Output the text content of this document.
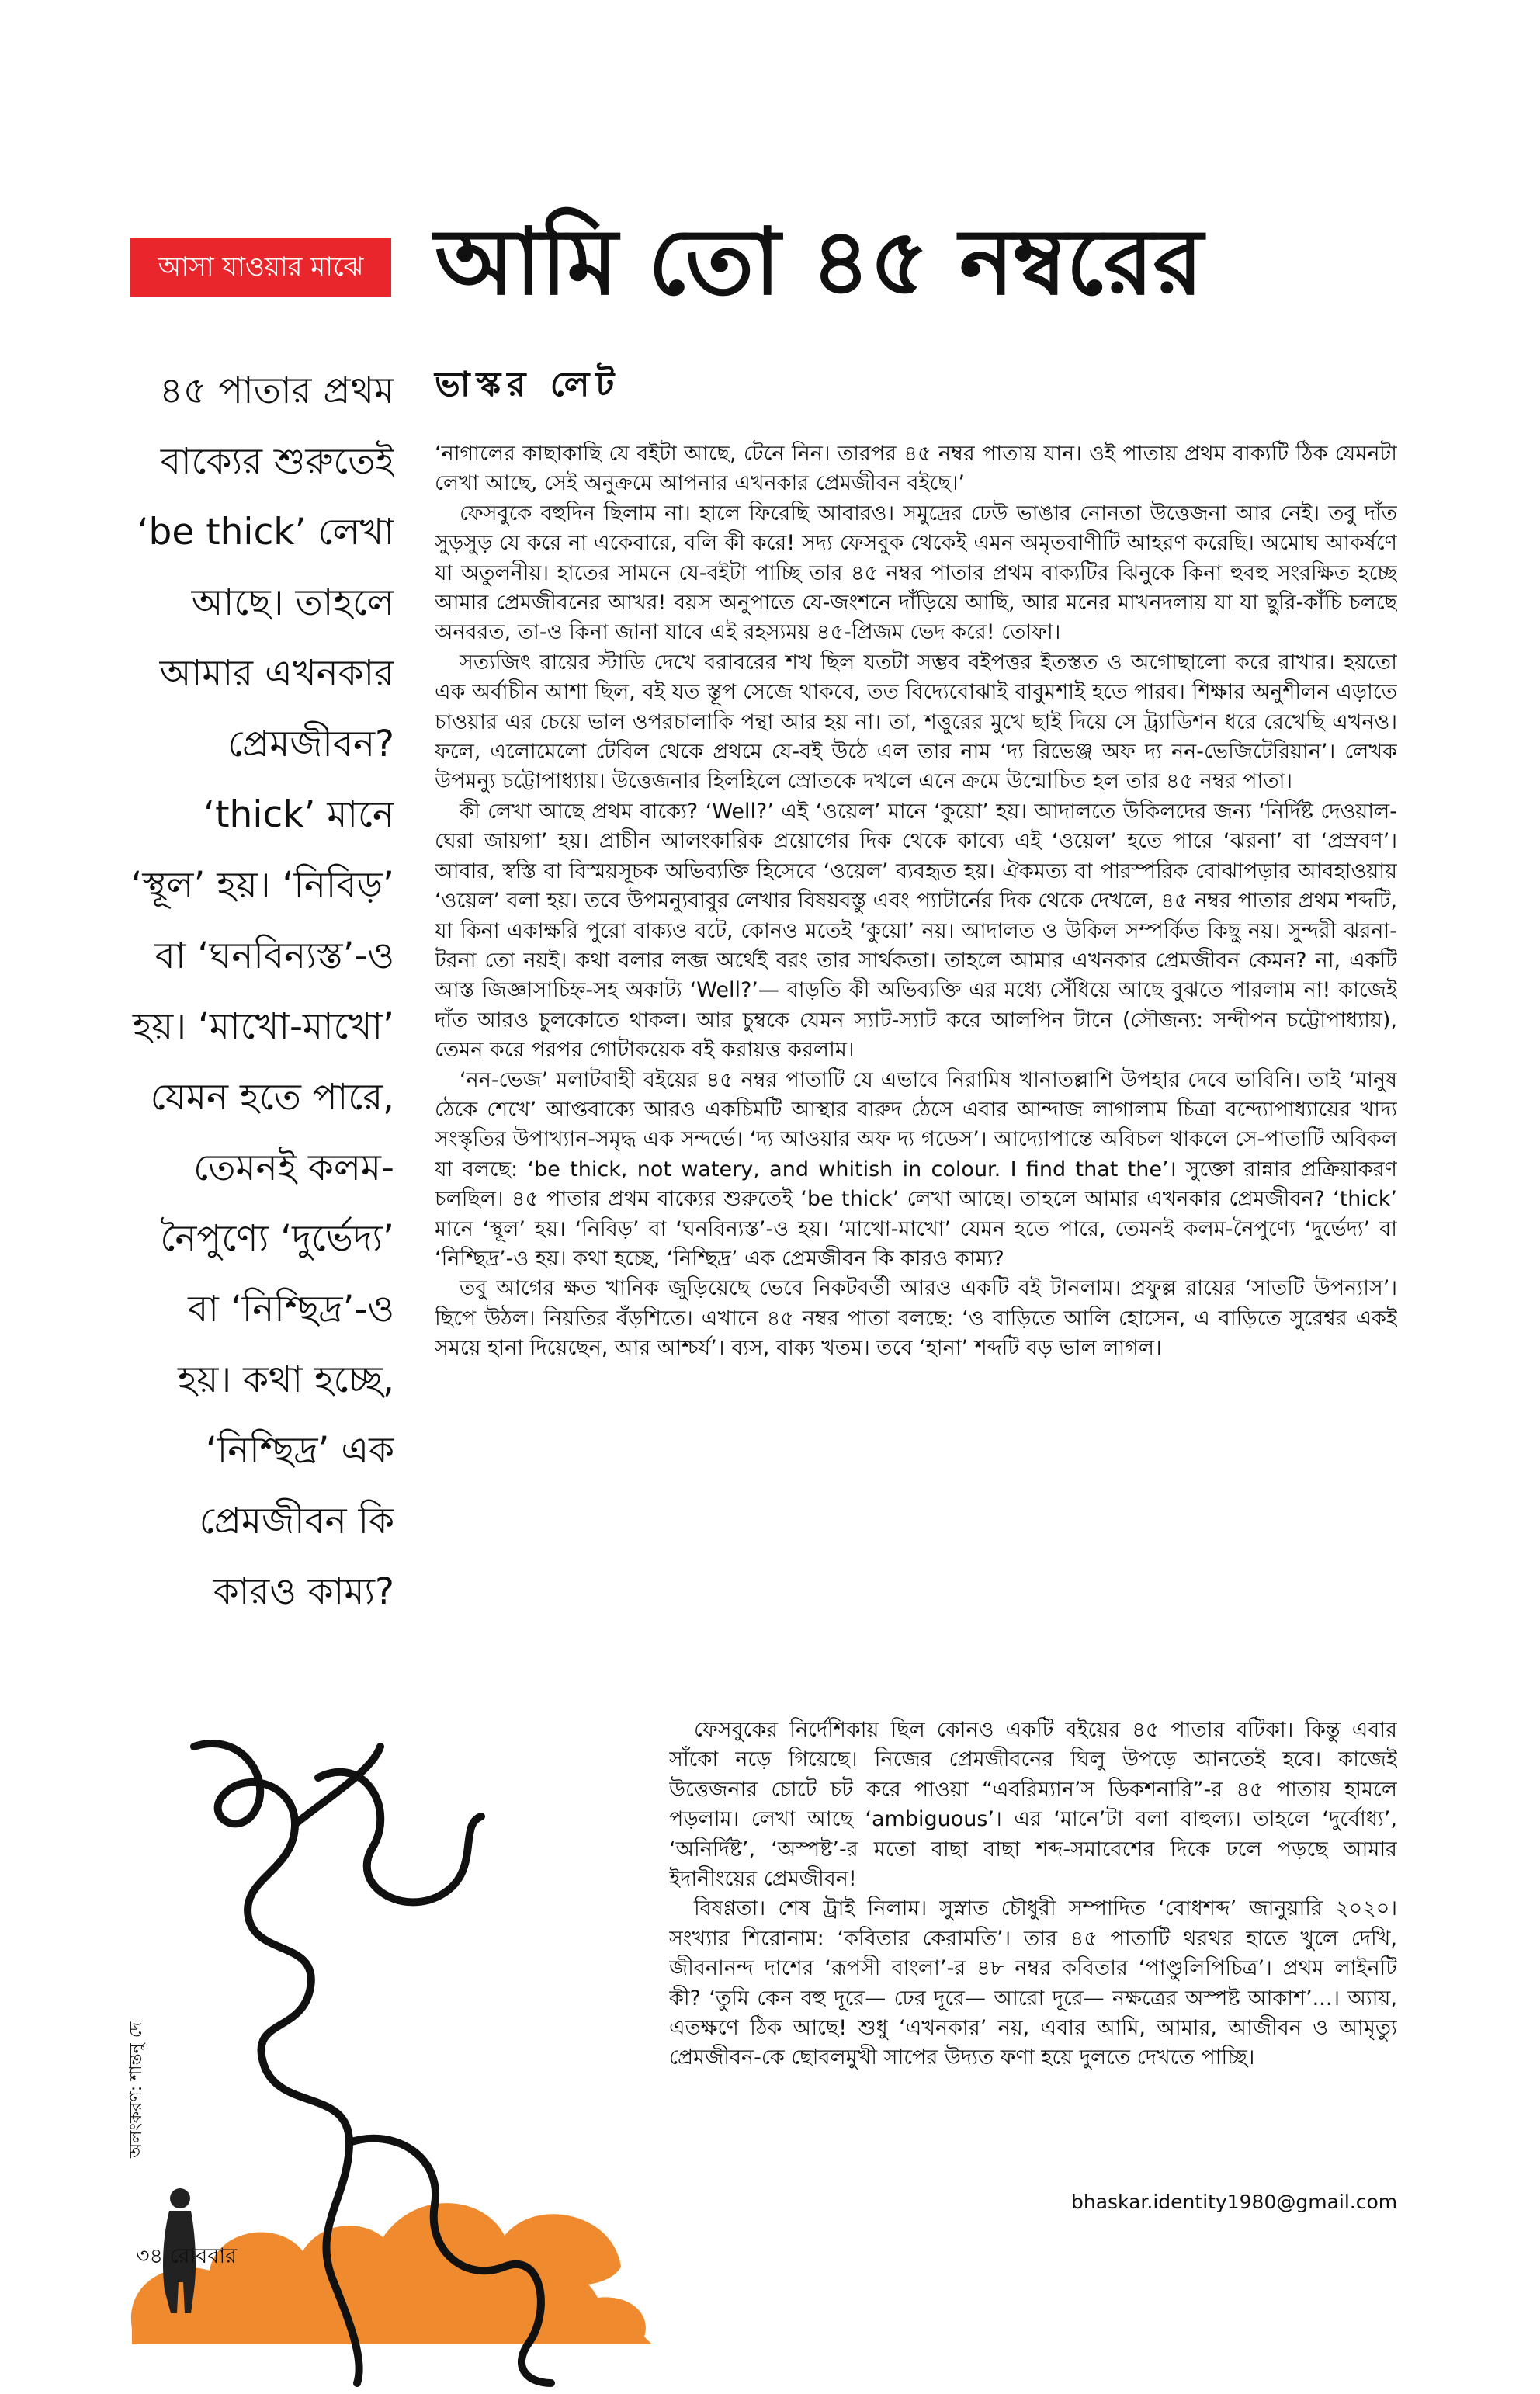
আসা যাওয়ার মাঝে আমি তো ৪৫ নম্বরের
ভাস্কর লেট

৪৫ পাতার প্রথম বাক্যের শুরুতেই ‘be thick’ লেখা আছে। তাহলে আমার এখনকার প্রেমজীবন? ‘thick’ মানে ‘স্থূল’ হয়। ‘নিবিড়’ বা ‘ঘনবিন্যস্ত’-ও হয়। ‘মাখো-মাখো’ যেমন হতে পারে, তেমনই কলম-নৈপুণ্যে ‘দুর্ভেদ্য’ বা ‘নিশ্ছিদ্র’-ও হয়। কথা হচ্ছে, ‘নিশ্ছিদ্র’ এক প্রেমজীবন কি কারও কাম্য?

‘নাগালের কাছাকাছি যে বইটা আছে, টেনে নিন। তারপর ৪৫ নম্বর পাতায় যান। ওই পাতায় প্রথম বাক্যটি ঠিক যেমনটা লেখা আছে, সেই অনুক্রমে আপনার এখনকার প্রেমজীবন বইছে।’

ফেসবুকে বহুদিন ছিলাম না। হালে ফিরেছি আবারও। সমুদ্রের ঢেউ ভাঙার নোনতা উত্তেজনা আর নেই। তবু দাঁত সুড়সুড় যে করে না একেবারে, বলি কী করে! সদ্য ফেসবুক থেকেই এমন অমৃতবাণীটি আহরণ করেছি। অমোঘ আকর্ষণে যা অতুলনীয়। হাতের সামনে যে-বইটা পাচ্ছি তার ৪৫ নম্বর পাতার প্রথম বাক্যটির ঝিনুকে কিনা হুবহু সংরক্ষিত হচ্ছে আমার প্রেমজীবনের আখর! বয়স অনুপাতে যে-জংশনে দাঁড়িয়ে আছি, আর মনের মাখনদলায় যা যা ছুরি-কাঁচি চলছে অনবরত, তা-ও কিনা জানা যাবে এই রহস্যময় ৪৫-প্রিজম ভেদ করে! তোফা।

সত্যজিৎ রায়ের স্টাডি দেখে বরাবরের শখ ছিল যতটা সম্ভব বইপত্তর ইতস্তত ও অগোছালো করে রাখার। হয়তো এক অর্বাচীন আশা ছিল, বই যত স্তূপ সেজে থাকবে, তত বিদ্যেবোঝাই বাবুমশাই হতে পারব। শিক্ষার অনুশীলন এড়াতে চাওয়ার এর চেয়ে ভাল ওপরচালাকি পন্থা আর হয় না। তা, শত্তুরের মুখে ছাই দিয়ে সে ট্র্যাডিশন ধরে রেখেছি এখনও। ফলে, এলোমেলো টেবিল থেকে প্রথমে যে-বই উঠে এল তার নাম ‘দ্য রিভেঞ্জ অফ দ্য নন-ভেজিটেরিয়ান’। লেখক উপমন্যু চট্টোপাধ্যায়। উত্তেজনার হিলহিলে স্রোতকে দখলে এনে ক্রমে উন্মোচিত হল তার ৪৫ নম্বর পাতা।

কী লেখা আছে প্রথম বাক্যে? ‘Well?’ এই ‘ওয়েল’ মানে ‘কুয়ো’ হয়। আদালতে উকিলদের জন্য ‘নির্দিষ্ট দেওয়াল-ঘেরা জায়গা’ হয়। প্রাচীন আলংকারিক প্রয়োগের দিক থেকে কাব্যে এই ‘ওয়েল’ হতে পারে ‘ঝরনা’ বা ‘প্রস্রবণ’। আবার, স্বস্তি বা বিস্ময়সূচক অভিব্যক্তি হিসেবে ‘ওয়েল’ ব্যবহৃত হয়। ঐকমত্য বা পারস্পরিক বোঝাপড়ার আবহাওয়ায় ‘ওয়েল’ বলা হয়। তবে উপমন্যুবাবুর লেখার বিষয়বস্তু এবং প্যাটার্নের দিক থেকে দেখলে, ৪৫ নম্বর পাতার প্রথম শব্দটি, যা কিনা একাক্ষরি পুরো বাক্যও বটে, কোনও মতেই ‘কুয়ো’ নয়। আদালত ও উকিল সম্পর্কিত কিছু নয়। সুন্দরী ঝরনা-টরনা তো নয়ই। কথা বলার লব্জ অর্থেই বরং তার সার্থকতা। তাহলে আমার এখনকার প্রেমজীবন কেমন? না, একটি আস্ত জিজ্ঞাসাচিহ্ন-সহ অকাট্য ‘Well?’— বাড়তি কী অভিব্যক্তি এর মধ্যে সেঁধিয়ে আছে বুঝতে পারলাম না! কাজেই দাঁত আরও চুলকোতে থাকল। আর চুম্বকে যেমন স্যাট-স্যাট করে আলপিন টানে (সৌজন্য: সন্দীপন চট্টোপাধ্যায়), তেমন করে পরপর গোটাকয়েক বই করায়ত্ত করলাম।

‘নন-ভেজ’ মলাটবাহী বইয়ের ৪৫ নম্বর পাতাটি যে এভাবে নিরামিষ খানাতল্লাশি উপহার দেবে ভাবিনি। তাই ‘মানুষ ঠেকে শেখে’ আপ্তবাক্যে আরও একচিমটি আস্থার বারুদ ঠেসে এবার আন্দাজ লাগালাম চিত্রা বন্দ্যোপাধ্যায়ের খাদ্য সংস্কৃতির উপাখ্যান-সমৃদ্ধ এক সন্দর্ভে। ‘দ্য আওয়ার অফ দ্য গডেস’। আদ্যোপান্তে অবিচল থাকলে সে-পাতাটি অবিকল যা বলছে: ‘be thick, not watery, and whitish in colour. I find that the’। সুক্তো রান্নার প্রক্রিয়াকরণ চলছিল। ৪৫ পাতার প্রথম বাক্যের শুরুতেই ‘be thick’ লেখা আছে। তাহলে আমার এখনকার প্রেমজীবন? ‘thick’ মানে ‘স্থূল’ হয়। ‘নিবিড়’ বা ‘ঘনবিন্যস্ত’-ও হয়। ‘মাখো-মাখো’ যেমন হতে পারে, তেমনই কলম-নৈপুণ্যে ‘দুর্ভেদ্য’ বা ‘নিশ্ছিদ্র’-ও হয়। কথা হচ্ছে, ‘নিশ্ছিদ্র’ এক প্রেমজীবন কি কারও কাম্য?

তবু আগের ক্ষত খানিক জুড়িয়েছে ভেবে নিকটবর্তী আরও একটি বই টানলাম। প্রফুল্ল রায়ের ‘সাতটি উপন্যাস’। ছিপে উঠল। নিয়তির বঁড়শিতে। এখানে ৪৫ নম্বর পাতা বলছে: ‘ও বাড়িতে আলি হোসেন, এ বাড়িতে সুরেশ্বর একই সময়ে হানা দিয়েছেন, আর আশ্চর্য’। ব্যস, বাক্য খতম। তবে ‘হানা’ শব্দটি বড় ভাল লাগল।

অলংকরণ: শান্তনু দে
৩৪ রোববার

ফেসবুকের নির্দেশিকায় ছিল কোনও একটি বইয়ের ৪৫ পাতার বটিকা। কিন্তু এবার সাঁকো নড়ে গিয়েছে। নিজের প্রেমজীবনের ঘিলু উপড়ে আনতেই হবে। কাজেই উত্তেজনার চোটে চট করে পাওয়া “এবরিম্যান’স ডিকশনারি”-র ৪৫ পাতায় হামলে পড়লাম। লেখা আছে ‘ambiguous’। এর ‘মানে’টা বলা বাহুল্য। তাহলে ‘দুর্বোধ্য’, ‘অনির্দিষ্ট’, ‘অস্পষ্ট’-র মতো বাছা বাছা শব্দ-সমাবেশের দিকে ঢলে পড়ছে আমার ইদানীংয়ের প্রেমজীবন!

বিষণ্ণতা। শেষ ট্রাই নিলাম। সুস্নাত চৌধুরী সম্পাদিত ‘বোধশব্দ’ জানুয়ারি ২০২০। সংখ্যার শিরোনাম: ‘কবিতার কেরামতি’। তার ৪৫ পাতাটি থরথর হাতে খুলে দেখি, জীবনানন্দ দাশের ‘রূপসী বাংলা’-র ৪৮ নম্বর কবিতার ‘পাণ্ডুলিপিচিত্র’। প্রথম লাইনটি কী? ‘তুমি কেন বহু দূরে— ঢের দূরে— আরো দূরে— নক্ষত্রের অস্পষ্ট আকাশ’...। অ্যায়, এতক্ষণে ঠিক আছে! শুধু ‘এখনকার’ নয়, এবার আমি, আমার, আজীবন ও আমৃত্যু প্রেমজীবন-কে ছোবলমুখী সাপের উদ্যত ফণা হয়ে দুলতে দেখতে পাচ্ছি।

bhaskar.identity1980@gmail.com
